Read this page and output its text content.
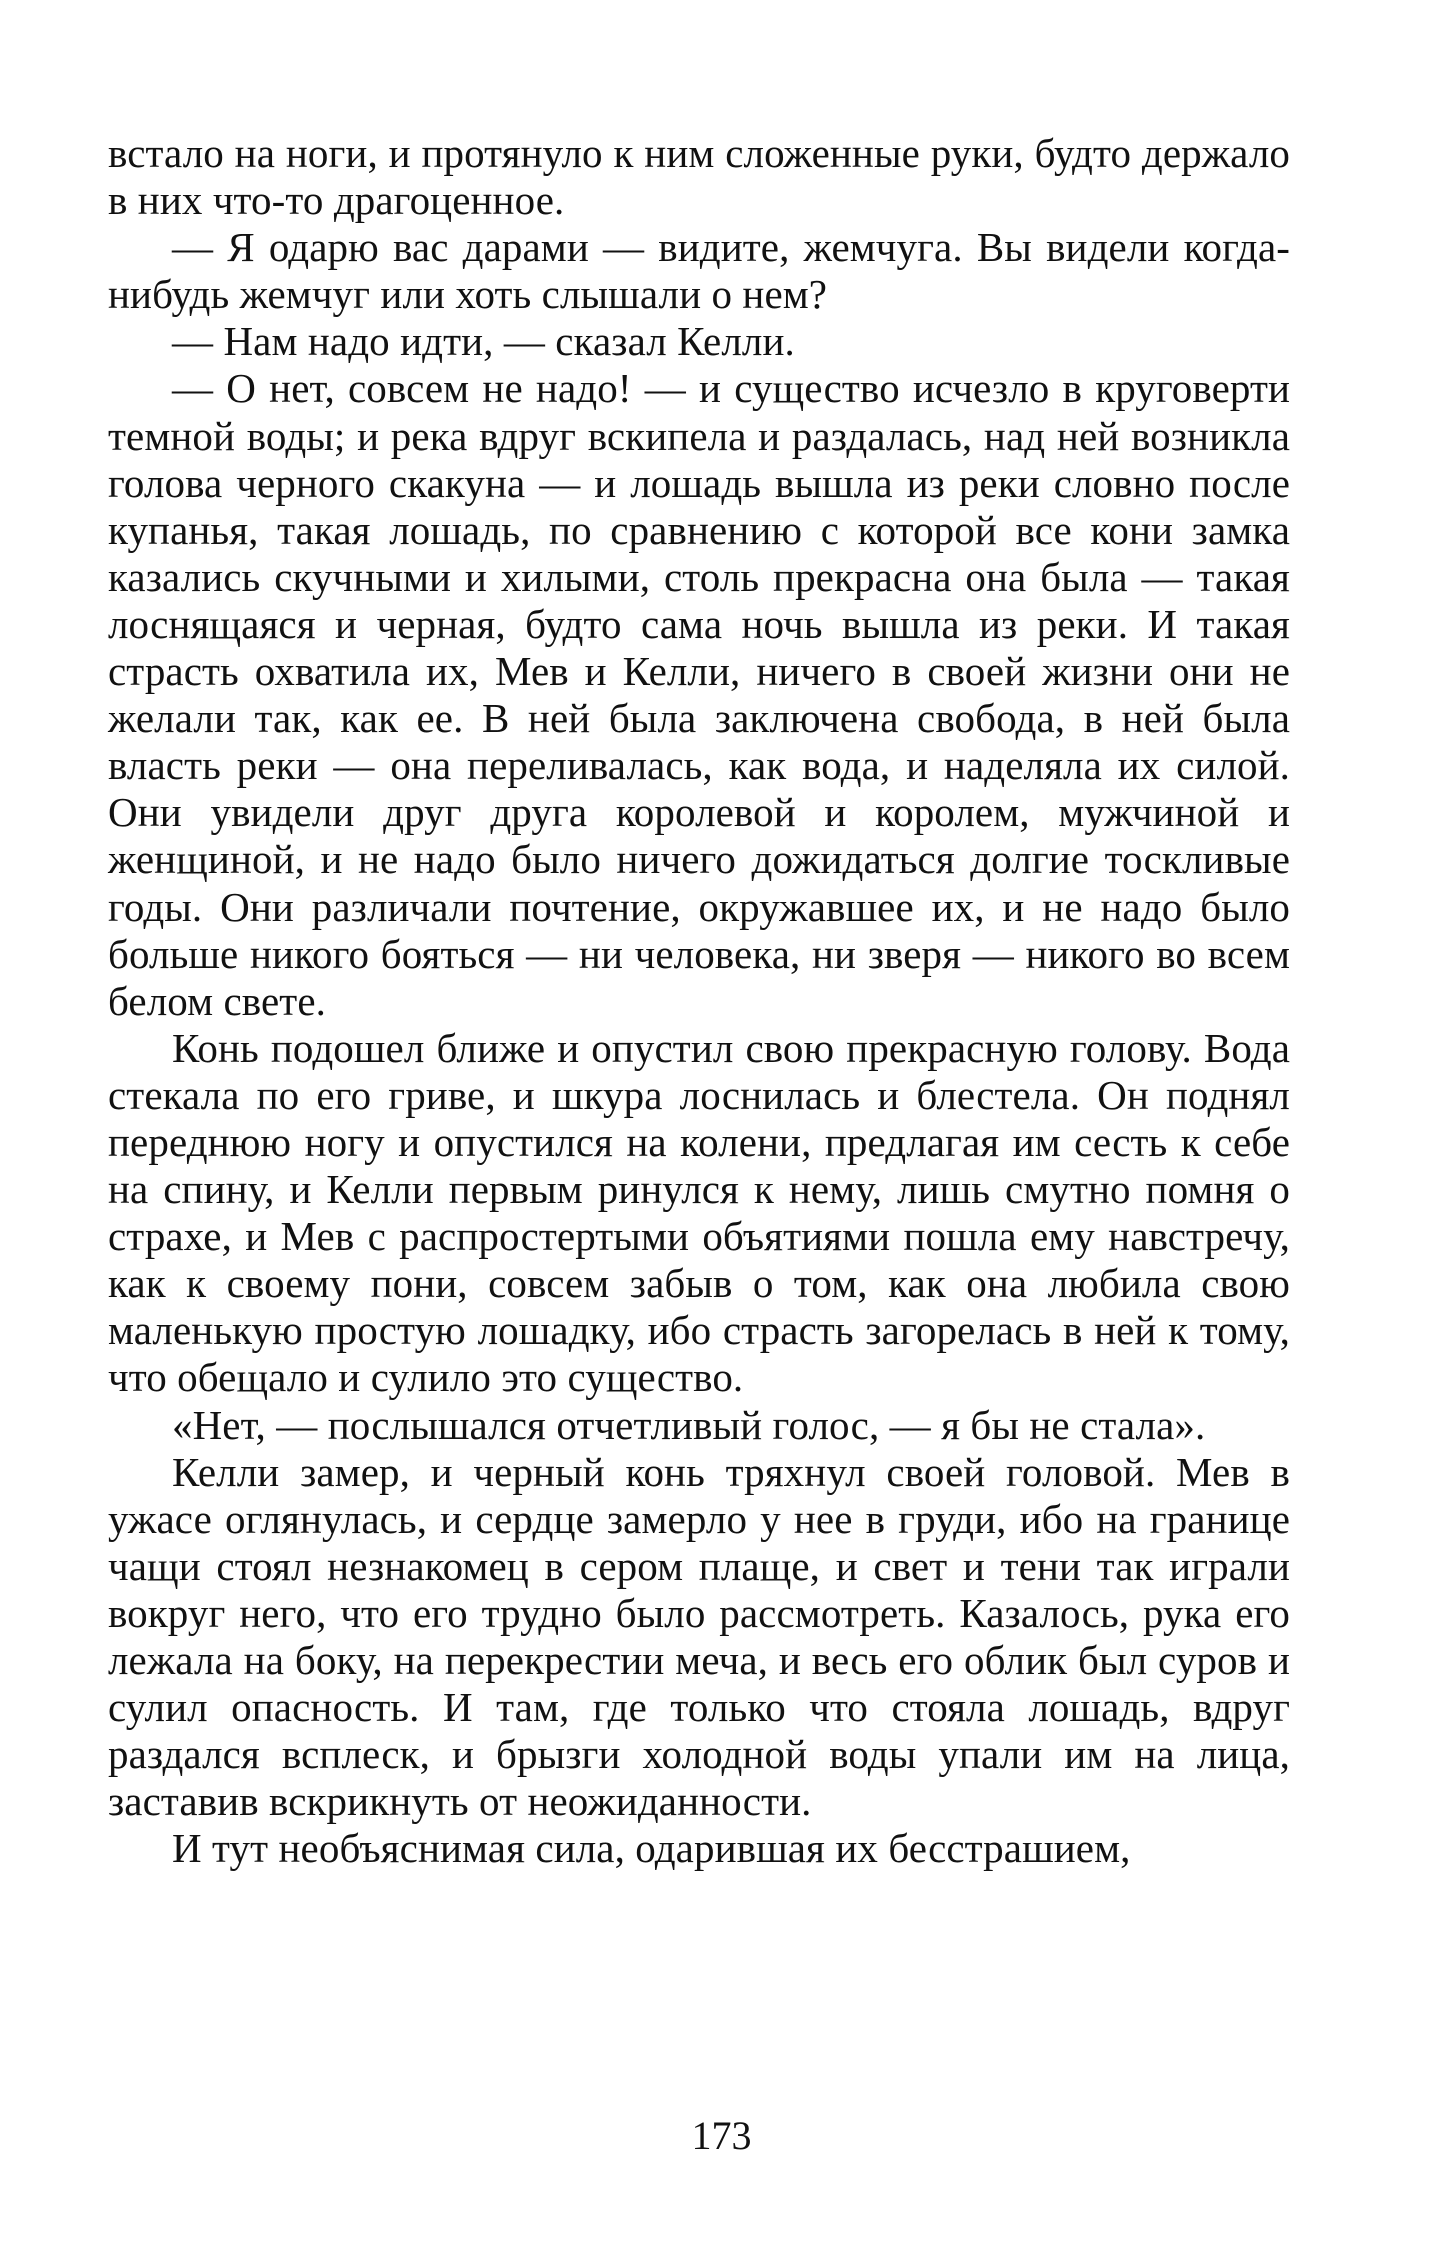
встало на ноги, и протянуло к ним сложенные руки, будто держало в них что-то драгоценное.

— Я одарю вас дарами — видите, жемчуга. Вы видели когда-нибудь жемчуг или хоть слышали о нем?

— Нам надо идти, — сказал Келли.

— О нет, совсем не надо! — и существо исчезло в круговерти темной воды; и река вдруг вскипела и раздалась, над ней возникла голова черного скакуна — и лошадь вышла из реки словно после купанья, такая лошадь, по сравнению с которой все кони замка казались скучными и хилыми, столь прекрасна она была — такая лоснящаяся и черная, будто сама ночь вышла из реки. И такая страсть охватила их, Мев и Келли, ничего в своей жизни они не желали так, как ее. В ней была заключена свобода, в ней была власть реки — она переливалась, как вода, и наделяла их силой. Они увидели друг друга королевой и королем, мужчиной и женщиной, и не надо было ничего дожидаться долгие тоскливые годы. Они различали почтение, окружавшее их, и не надо было больше никого бояться — ни человека, ни зверя — никого во всем белом свете.

Конь подошел ближе и опустил свою прекрасную голову. Вода стекала по его гриве, и шкура лоснилась и блестела. Он поднял переднюю ногу и опустился на колени, предлагая им сесть к себе на спину, и Келли первым ринулся к нему, лишь смутно помня о страхе, и Мев с распростертыми объятиями пошла ему навстречу, как к своему пони, совсем забыв о том, как она любила свою маленькую простую лошадку, ибо страсть загорелась в ней к тому, что обещало и сулило это существо.

«Нет, — послышался отчетливый голос, — я бы не стала».

Келли замер, и черный конь тряхнул своей головой. Мев в ужасе оглянулась, и сердце замерло у нее в груди, ибо на границе чащи стоял незнакомец в сером плаще, и свет и тени так играли вокруг него, что его трудно было рассмотреть. Казалось, рука его лежала на боку, на перекрестии меча, и весь его облик был суров и сулил опасность. И там, где только что стояла лошадь, вдруг раздался всплеск, и брызги холодной воды упали им на лица, заставив вскрикнуть от неожиданности.

И тут необъяснимая сила, одарившая их бесстрашием,

173
